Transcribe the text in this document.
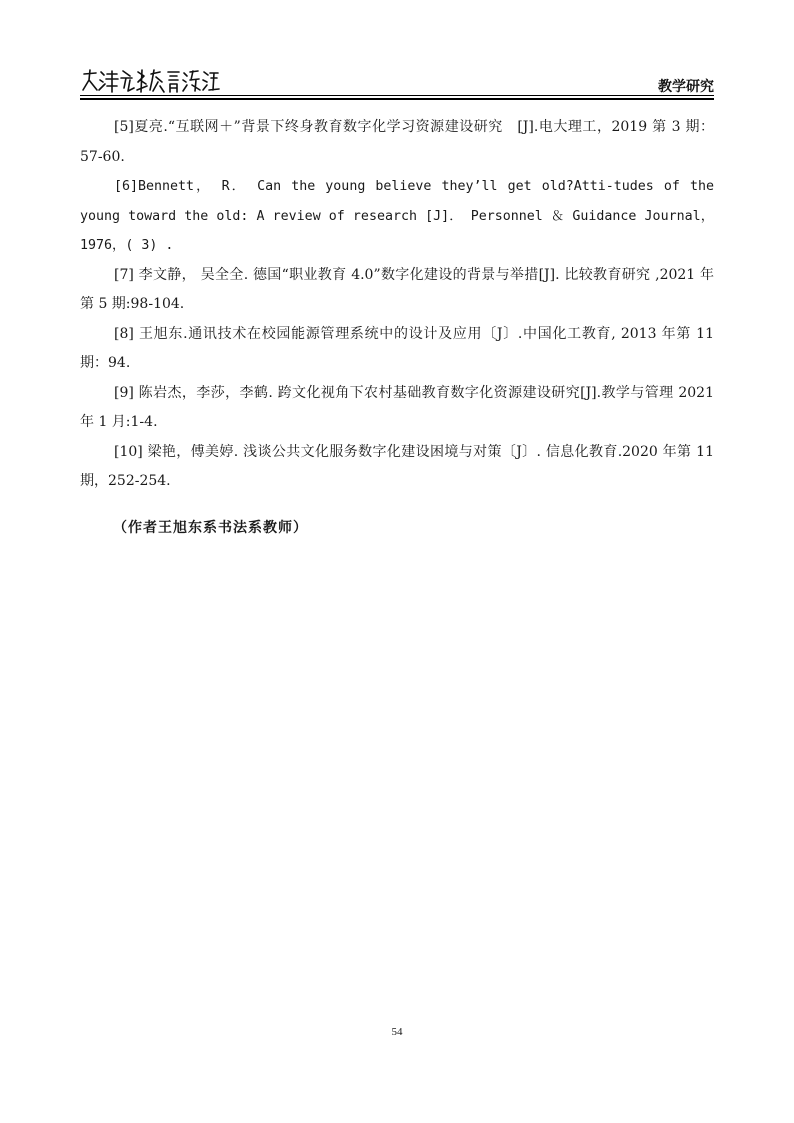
天津音乐教育论坛
教学研究

[5]夏亮.“互联网＋”背景下终身教育数字化学习资源建设研究　[J].电大理工，2019 第 3 期：57-60.

[6]Bennett， R． Can the young believe they’ll get old?Atti-tudes of the young toward the old: A review of research [J]． Personnel ＆ Guidance Journal，1976，( 3) .

[7] 李文静， 吴全全. 德国“职业教育 4.0”数字化建设的背景与举措[J]. 比较教育研究 ,2021 年第 5 期:98-104.

[8] 王旭东.通讯技术在校园能源管理系统中的设计及应用〔J〕.中国化工教育, 2013 年第 11 期：94.

[9] 陈岩杰，李莎，李鹤. 跨文化视角下农村基础教育数字化资源建设研究[J].教学与管理 2021 年 1 月:1-4.

[10] 梁艳，傅美婷. 浅谈公共文化服务数字化建设困境与对策〔J〕. 信息化教育.2020 年第 11 期，252-254.

（作者王旭东系书法系教师）
54
